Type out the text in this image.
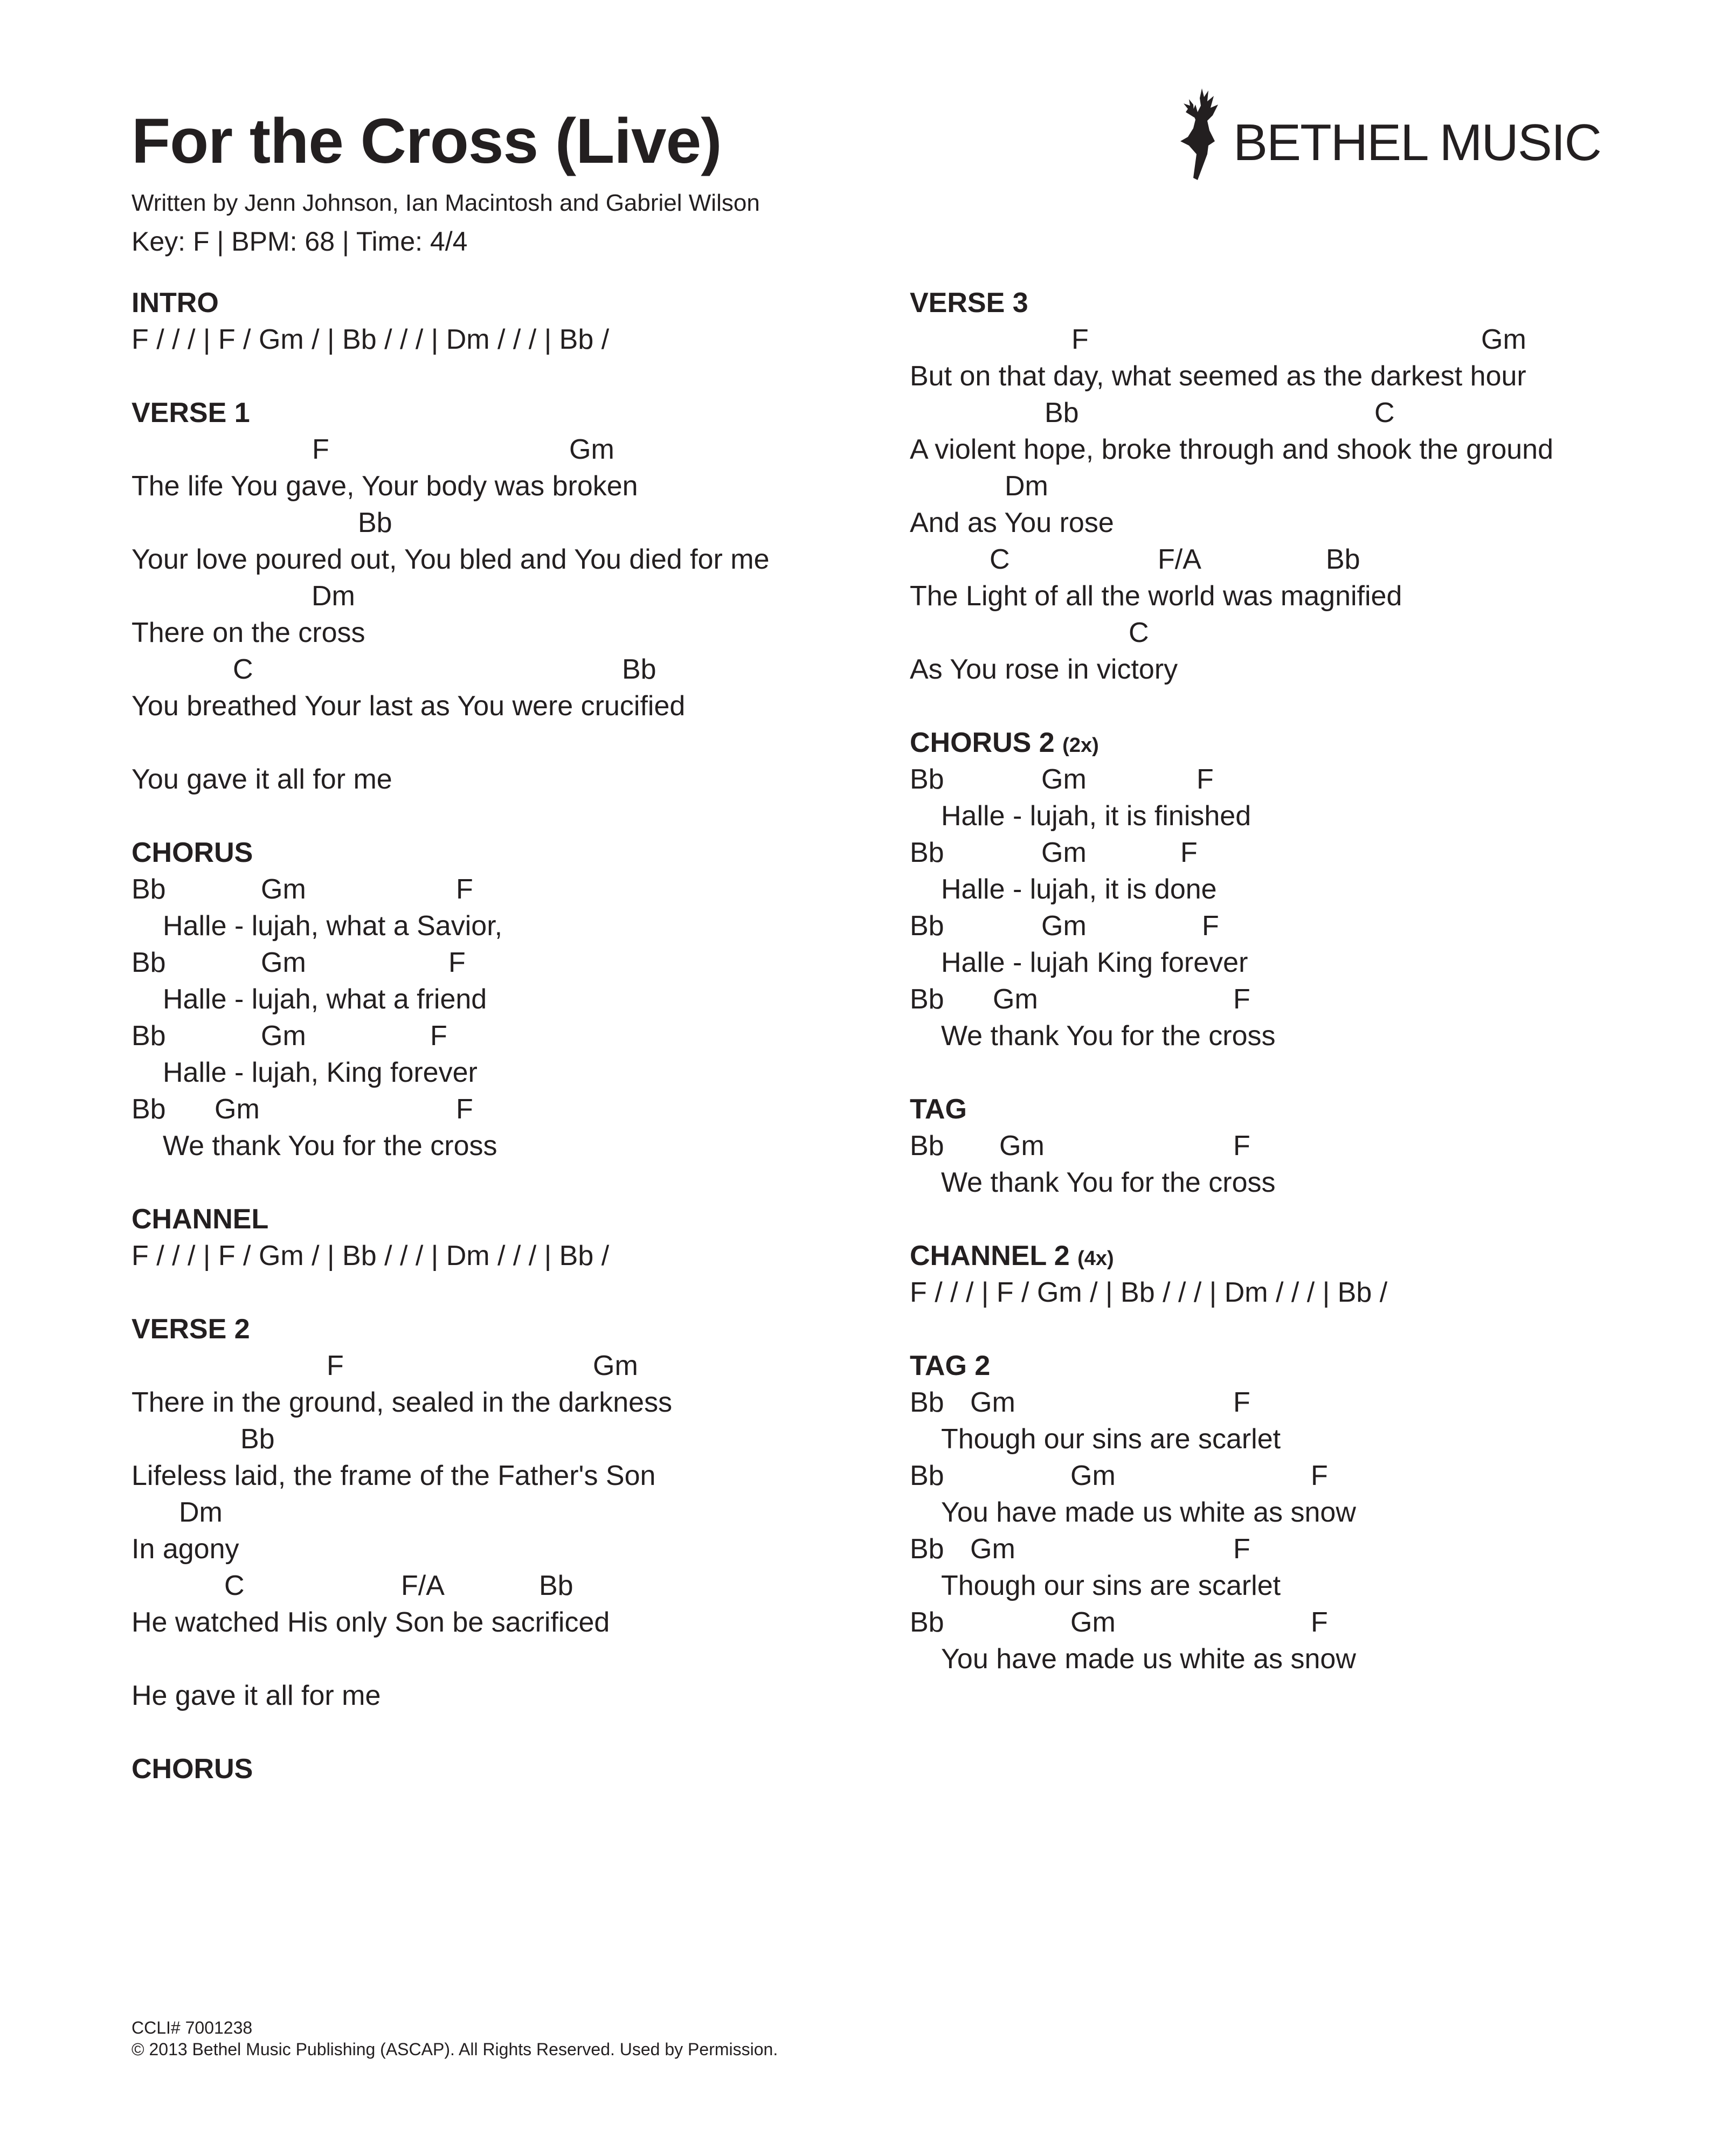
For the Cross (Live)
Written by Jenn Johnson, Ian Macintosh and Gabriel Wilson
Key: F | BPM: 68 | Time: 4/4
BETHEL MUSIC
INTRO
F / / / | F / Gm / | Bb / / / | Dm / / / | Bb /
VERSE 1
F	Gm
The life You gave, Your body was broken
Bb
Your love poured out, You bled and You died for me
Dm
There on the cross
C	Bb
You breathed Your last as You were crucified
You gave it all for me
CHORUS
Bb	Gm	F
Halle - lujah, what a Savior,
Bb	Gm	F
Halle - lujah, what a friend
Bb	Gm	F
Halle - lujah, King forever
Bb Gm	F
We thank You for the cross
CHANNEL
F / / / | F / Gm / | Bb / / / | Dm / / / | Bb /
VERSE 2
F	Gm
There in the ground, sealed in the darkness
Bb
Lifeless laid, the frame of the Father's Son
Dm
In agony
C	F/A	Bb
He watched His only Son be sacrificed
He gave it all for me
CHORUS
VERSE 3
F	Gm
But on that day, what seemed as the darkest hour
Bb	C
A violent hope, broke through and shook the ground
Dm
And as You rose
C	F/A	Bb
The Light of all the world was magnified
C
As You rose in victory
CHORUS 2 (2x)
Bb	Gm	F
Halle - lujah, it is finished
Bb	Gm	F
Halle - lujah, it is done
Bb	Gm	F
Halle - lujah King forever
Bb Gm	F
We thank You for the cross
TAG
Bb Gm	F
We thank You for the cross
CHANNEL 2 (4x)
F / / / | F / Gm / | Bb / / / | Dm / / / | Bb /
TAG 2
Bb Gm	F
Though our sins are scarlet
Bb	Gm	F
You have made us white as snow
Bb Gm	F
Though our sins are scarlet
Bb	Gm	F
You have made us white as snow
CCLI# 7001238
© 2013 Bethel Music Publishing (ASCAP). All Rights Reserved. Used by Permission.
